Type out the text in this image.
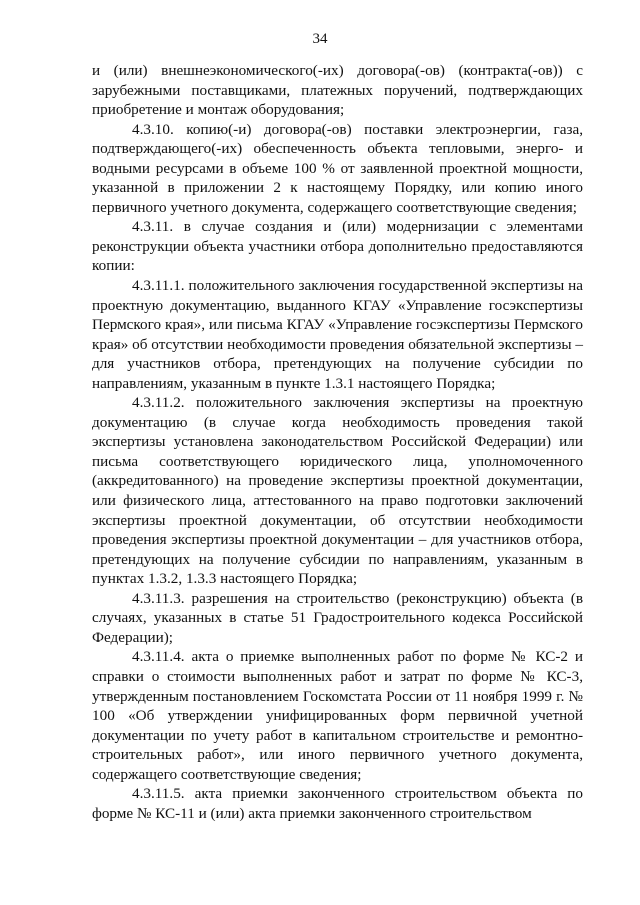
34

и (или) внешнеэкономического(-их) договора(-ов) (контракта(-ов)) с зарубежными поставщиками, платежных поручений, подтверждающих приобретение и монтаж оборудования;

4.3.10. копию(-и) договора(-ов) поставки электроэнергии, газа, подтверждающего(-их) обеспеченность объекта тепловыми, энерго- и водными ресурсами в объеме 100 % от заявленной проектной мощности, указанной в приложении 2 к настоящему Порядку, или копию иного первичного учетного документа, содержащего соответствующие сведения;

4.3.11. в случае создания и (или) модернизации с элементами реконструкции объекта участники отбора дополнительно предоставляются копии:

4.3.11.1. положительного заключения государственной экспертизы на проектную документацию, выданного КГАУ «Управление госэкспертизы Пермского края», или письма КГАУ «Управление госэкспертизы Пермского края» об отсутствии необходимости проведения обязательной экспертизы – для участников отбора, претендующих на получение субсидии по направлениям, указанным в пункте 1.3.1 настоящего Порядка;

4.3.11.2. положительного заключения экспертизы на проектную документацию (в случае когда необходимость проведения такой экспертизы установлена законодательством Российской Федерации) или письма соответствующего юридического лица, уполномоченного (аккредитованного) на проведение экспертизы проектной документации, или физического лица, аттестованного на право подготовки заключений экспертизы проектной документации, об отсутствии необходимости проведения экспертизы проектной документации – для участников отбора, претендующих на получение субсидии по направлениям, указанным в пунктах 1.3.2, 1.3.3 настоящего Порядка;

4.3.11.3. разрешения на строительство (реконструкцию) объекта (в случаях, указанных в статье 51 Градостроительного кодекса Российской Федерации);

4.3.11.4. акта о приемке выполненных работ по форме № КС-2 и справки о стоимости выполненных работ и затрат по форме № КС-3, утвержденным постановлением Госкомстата России от 11 ноября 1999 г. № 100 «Об утверждении унифицированных форм первичной учетной документации по учету работ в капитальном строительстве и ремонтно-строительных работ», или иного первичного учетного документа, содержащего соответствующие сведения;

4.3.11.5. акта приемки законченного строительством объекта по форме № КС-11 и (или) акта приемки законченного строительством
